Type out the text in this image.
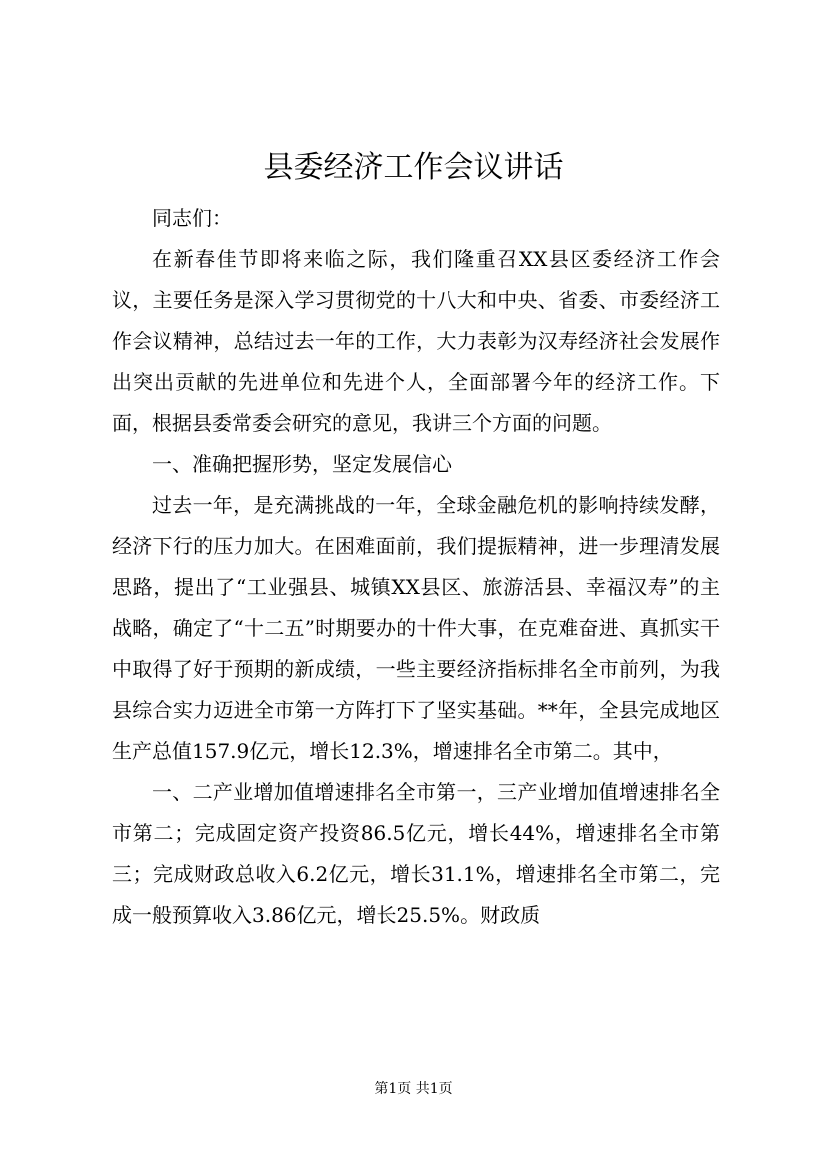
县委经济工作会议讲话

同志们：

在新春佳节即将来临之际，我们隆重召XX县区委经济工作会议，主要任务是深入学习贯彻党的十八大和中央、省委、市委经济工作会议精神，总结过去一年的工作，大力表彰为汉寿经济社会发展作出突出贡献的先进单位和先进个人，全面部署今年的经济工作。下面，根据县委常委会研究的意见，我讲三个方面的问题。

一、准确把握形势，坚定发展信心

过去一年，是充满挑战的一年，全球金融危机的影响持续发酵，经济下行的压力加大。在困难面前，我们提振精神，进一步理清发展思路，提出了“工业强县、城镇XX县区、旅游活县、幸福汉寿”的主战略，确定了“十二五”时期要办的十件大事，在克难奋进、真抓实干中取得了好于预期的新成绩，一些主要经济指标排名全市前列，为我县综合实力迈进全市第一方阵打下了坚实基础。**年，全县完成地区生产总值157.9亿元，增长12.3%，增速排名全市第二。其中，

一、二产业增加值增速排名全市第一，三产业增加值增速排名全市第二；完成固定资产投资86.5亿元，增长44%，增速排名全市第三；完成财政总收入6.2亿元，增长31.1%，增速排名全市第二，完成一般预算收入3.86亿元，增长25.5%。财政质

第1页 共1页
